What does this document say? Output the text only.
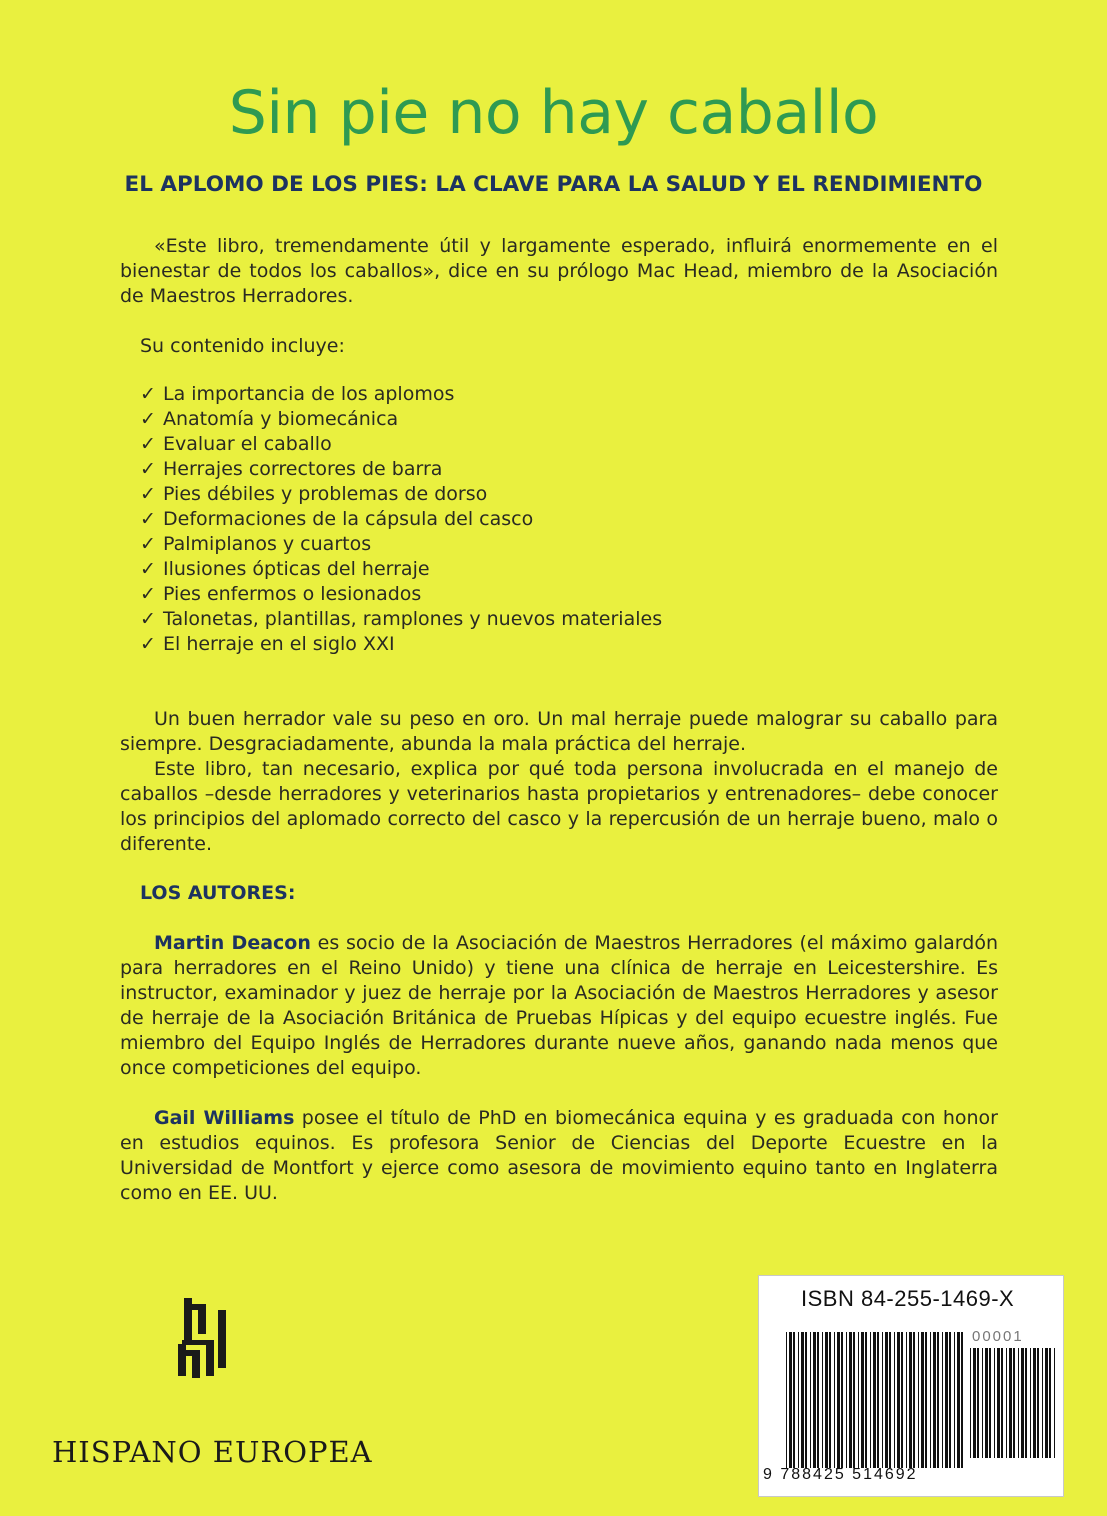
Sin pie no hay caballo
EL APLOMO DE LOS PIES: LA CLAVE PARA LA SALUD Y EL RENDIMIENTO

«Este libro, tremendamente útil y largamente esperado, influirá enormemente en el bienestar de todos los caballos», dice en su prólogo Mac Head, miembro de la Asociación de Maestros Herradores.

Su contenido incluye:

✓ La importancia de los aplomos
✓ Anatomía y biomecánica
✓ Evaluar el caballo
✓ Herrajes correctores de barra
✓ Pies débiles y problemas de dorso
✓ Deformaciones de la cápsula del casco
✓ Palmiplanos y cuartos
✓ Ilusiones ópticas del herraje
✓ Pies enfermos o lesionados
✓ Talonetas, plantillas, ramplones y nuevos materiales
✓ El herraje en el siglo XXI

Un buen herrador vale su peso en oro. Un mal herraje puede malograr su caballo para siempre. Desgraciadamente, abunda la mala práctica del herraje.

Este libro, tan necesario, explica por qué toda persona involucrada en el manejo de caballos –desde herradores y veterinarios hasta propietarios y entrenadores– debe conocer los principios del aplomado correcto del casco y la repercusión de un herraje bueno, malo o diferente.

LOS AUTORES:

Martin Deacon es socio de la Asociación de Maestros Herradores (el máximo galardón para herradores en el Reino Unido) y tiene una clínica de herraje en Leicestershire. Es instructor, examinador y juez de herraje por la Asociación de Maestros Herradores y asesor de herraje de la Asociación Británica de Pruebas Hípicas y del equipo ecuestre inglés. Fue miembro del Equipo Inglés de Herradores durante nueve años, ganando nada menos que once competiciones del equipo.

Gail Williams posee el título de PhD en biomecánica equina y es graduada con honor en estudios equinos. Es profesora Senior de Ciencias del Deporte Ecuestre en la Universidad de Montfort y ejerce como asesora de movimiento equino tanto en Inglaterra como en EE. UU.

HISPANO EUROPEA

ISBN 84-255-1469-X
00001
9 788425 514692
